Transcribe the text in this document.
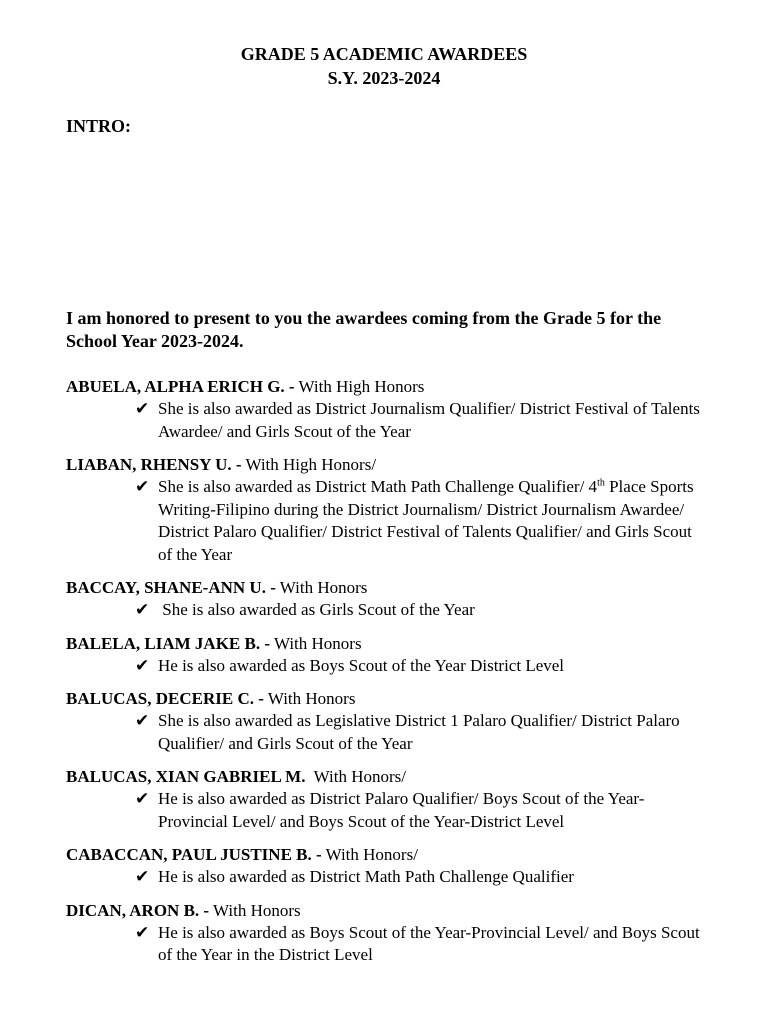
GRADE 5 ACADEMIC AWARDEES
S.Y. 2023-2024
INTRO:
I am honored to present to you the awardees coming from the Grade 5 for the School Year 2023-2024.
ABUELA, ALPHA ERICH G. - With High Honors
✔ She is also awarded as District Journalism Qualifier/ District Festival of Talents Awardee/ and Girls Scout of the Year
LIABAN, RHENSY U. - With High Honors/
✔ She is also awarded as District Math Path Challenge Qualifier/ 4th Place Sports Writing-Filipino during the District Journalism/ District Journalism Awardee/ District Palaro Qualifier/ District Festival of Talents Qualifier/ and Girls Scout of the Year
BACCAY, SHANE-ANN U. - With Honors
✔ She is also awarded as Girls Scout of the Year
BALELA, LIAM JAKE B. - With Honors
✔ He is also awarded as Boys Scout of the Year District Level
BALUCAS, DECERIE C. - With Honors
✔ She is also awarded as Legislative District 1 Palaro Qualifier/ District Palaro Qualifier/ and Girls Scout of the Year
BALUCAS, XIAN GABRIEL M.  With Honors/
✔ He is also awarded as District Palaro Qualifier/ Boys Scout of the Year-Provincial Level/ and Boys Scout of the Year-District Level
CABACCAN, PAUL JUSTINE B. - With Honors/
✔ He is also awarded as District Math Path Challenge Qualifier
DICAN, ARON B. - With Honors
✔ He is also awarded as Boys Scout of the Year-Provincial Level/ and Boys Scout of the Year in the District Level
